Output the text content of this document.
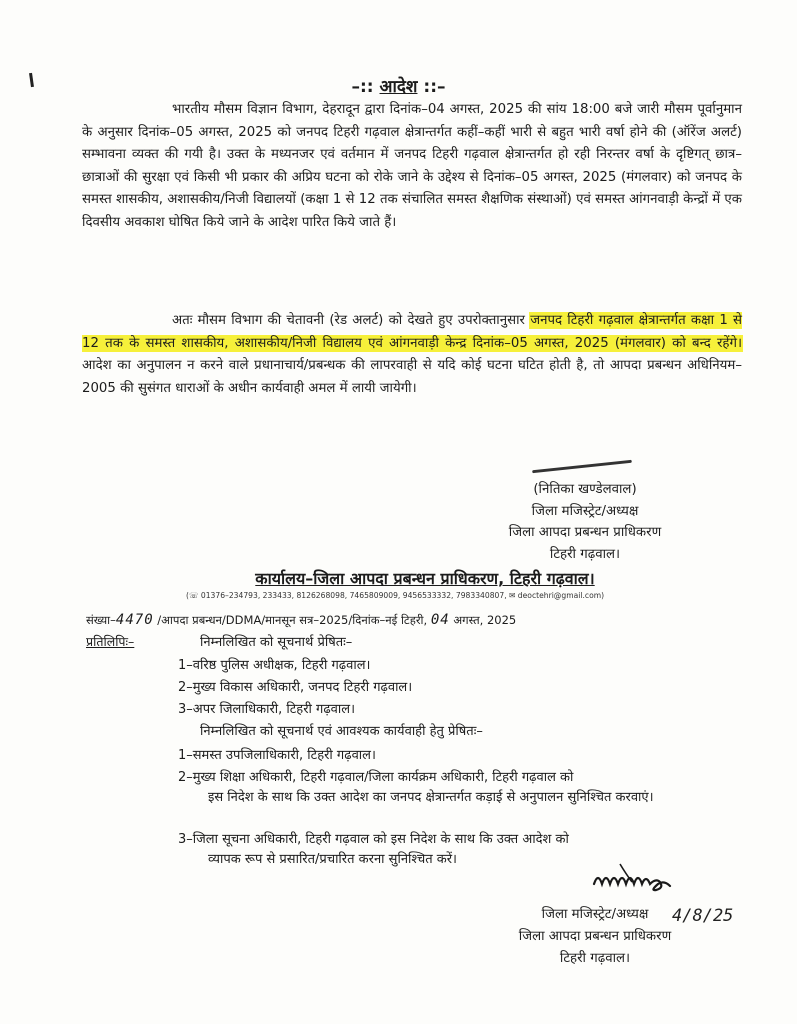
–:: आदेश ::–
भारतीय मौसम विज्ञान विभाग, देहरादून द्वारा दिनांक–04 अगस्त, 2025 की सांय 18:00 बजे जारी मौसम पूर्वानुमान के अनुसार दिनांक–05 अगस्त, 2025 को जनपद टिहरी गढ़वाल क्षेत्रान्तर्गत कहीं–कहीं भारी से बहुत भारी वर्षा होने की (ऑरेंज अलर्ट) सम्भावना व्यक्त की गयी है। उक्त के मध्यनजर एवं वर्तमान में जनपद टिहरी गढ़वाल क्षेत्रान्तर्गत हो रही निरन्तर वर्षा के दृष्टिगत् छात्र–छात्राओं की सुरक्षा एवं किसी भी प्रकार की अप्रिय घटना को रोके जाने के उद्देश्य से दिनांक–05 अगस्त, 2025 (मंगलवार) को जनपद के समस्त शासकीय, अशासकीय/निजी विद्यालयों (कक्षा 1 से 12 तक संचालित समस्त शैक्षणिक संस्थाओं) एवं समस्त आंगनवाड़ी केन्द्रों में एक दिवसीय अवकाश घोषित किये जाने के आदेश पारित किये जाते हैं।
अतः मौसम विभाग की चेतावनी (रेड अलर्ट) को देखते हुए उपरोक्तानुसार जनपद टिहरी गढ़वाल क्षेत्रान्तर्गत कक्षा 1 से 12 तक के समस्त शासकीय, अशासकीय/निजी विद्यालय एवं आंगनवाड़ी केन्द्र दिनांक–05 अगस्त, 2025 (मंगलवार) को बन्द रहेंगे। आदेश का अनुपालन न करने वाले प्रधानाचार्य/प्रबन्धक की लापरवाही से यदि कोई घटना घटित होती है, तो आपदा प्रबन्धन अधिनियम–2005 की सुसंगत धाराओं के अधीन कार्यवाही अमल में लायी जायेगी।
(नितिका खण्डेलवाल)
जिला मजिस्ट्रेट/अध्यक्ष
जिला आपदा प्रबन्धन प्राधिकरण
टिहरी गढ़वाल।
कार्यालय–जिला आपदा प्रबन्धन प्राधिकरण, टिहरी गढ़वाल।
(☏ 01376–234793, 233433, 8126268098, 7465809009, 9456533332, 7983340807, ✉ deoctehri@gmail.com)
संख्या–4470 /आपदा प्रबन्धन/DDMA/मानसून सत्र–2025/दिनांक–नई टिहरी, 04 अगस्त, 2025
प्रतिलिपिः–	निम्नलिखित को सूचनार्थ प्रेषितः–
1–वरिष्ठ पुलिस अधीक्षक, टिहरी गढ़वाल।
2–मुख्य विकास अधिकारी, जनपद टिहरी गढ़वाल।
3–अपर जिलाधिकारी, टिहरी गढ़वाल।
निम्नलिखित को सूचनार्थ एवं आवश्यक कार्यवाही हेतु प्रेषितः–
1–समस्त उपजिलाधिकारी, टिहरी गढ़वाल।
2–मुख्य शिक्षा अधिकारी, टिहरी गढ़वाल/जिला कार्यक्रम अधिकारी, टिहरी गढ़वाल को
इस निदेश के साथ कि उक्त आदेश का जनपद क्षेत्रान्तर्गत कड़ाई से अनुपालन सुनिश्चित करवाएं।
3–जिला सूचना अधिकारी, टिहरी गढ़वाल को इस निदेश के साथ कि उक्त आदेश को
व्यापक रूप से प्रसारित/प्रचारित करना सुनिश्चित करें।
जिला मजिस्ट्रेट/अध्यक्ष
जिला आपदा प्रबन्धन प्राधिकरण
टिहरी गढ़वाल।
4/8/25
